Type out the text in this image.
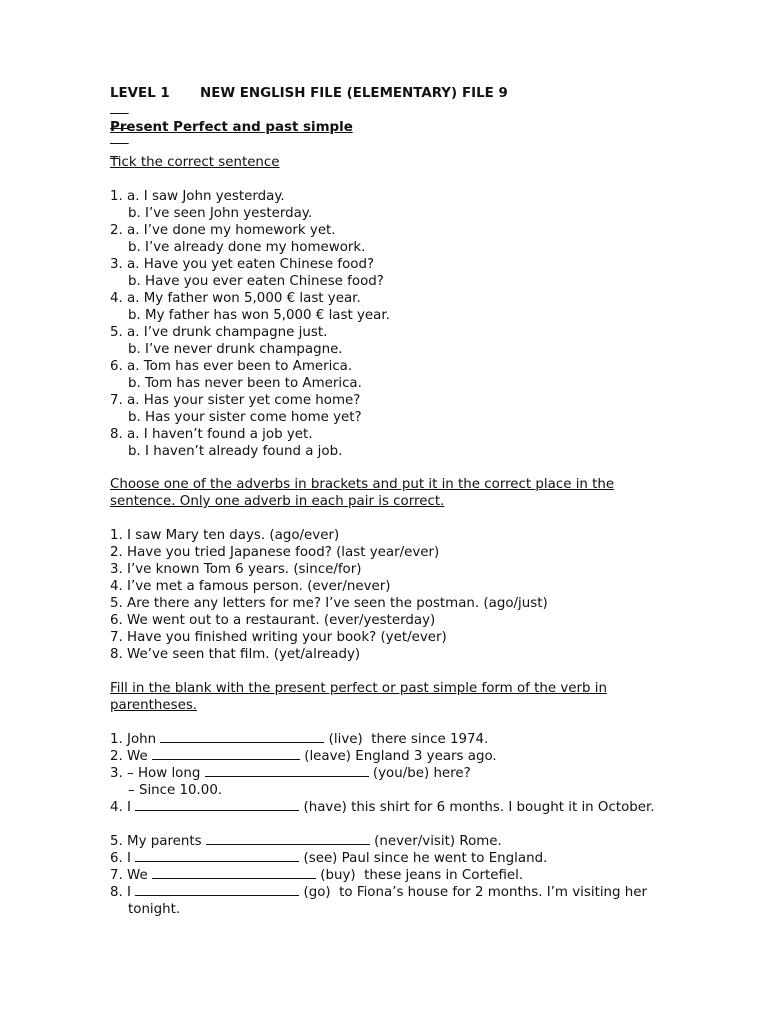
LEVEL 1

NEW ENGLISH FILE (ELEMENTARY)

FILE 9

Present Perfect and past simple
Tick the correct sentence
1. a. I saw John yesterday.
b. I’ve seen John yesterday.
2. a. I’ve done my homework yet.
b. I’ve already done my homework.
3. a. Have you yet eaten Chinese food?
b. Have you ever eaten Chinese food?
4. a. My father won 5,000 € last year.
b. My father has won 5,000 € last year.
5. a. I’ve drunk champagne just.
b. I’ve never drunk champagne.
6. a. Tom has ever been to America.
b. Tom has never been to America.
7. a. Has your sister yet come home?
b. Has your sister come home yet?
8. a. I haven’t found a job yet.
b. I haven’t already found a job.
Choose one of the adverbs in brackets and put it in the correct place in the sentence. Only one adverb in each pair is correct.
1. I saw Mary ten days. (ago/ever)
2. Have you tried Japanese food? (last year/ever)
3. I’ve known Tom 6 years. (since/for)
4. I’ve met a famous person. (ever/never)
5. Are there any letters for me? I’ve seen the postman. (ago/just)
6. We went out to a restaurant. (ever/yesterday)
7. Have you finished writing your book? (yet/ever)
8. We’ve seen that film. (yet/already)
Fill in the blank with the present perfect or past simple form of the verb in parentheses.
1. John	(live)  there since 1974.
2. We	(leave) England 3 years ago.
3. – How long	(you/be) here?
– Since 10.00.
4. I	(have) this shirt for 6 months. I bought it in October.
5. My parents	(never/visit) Rome.
6. I	(see) Paul since he went to England.
7. We	(buy)  these jeans in Cortefiel.
8. I	(go)  to Fiona’s house for 2 months. I’m visiting her
tonight.
